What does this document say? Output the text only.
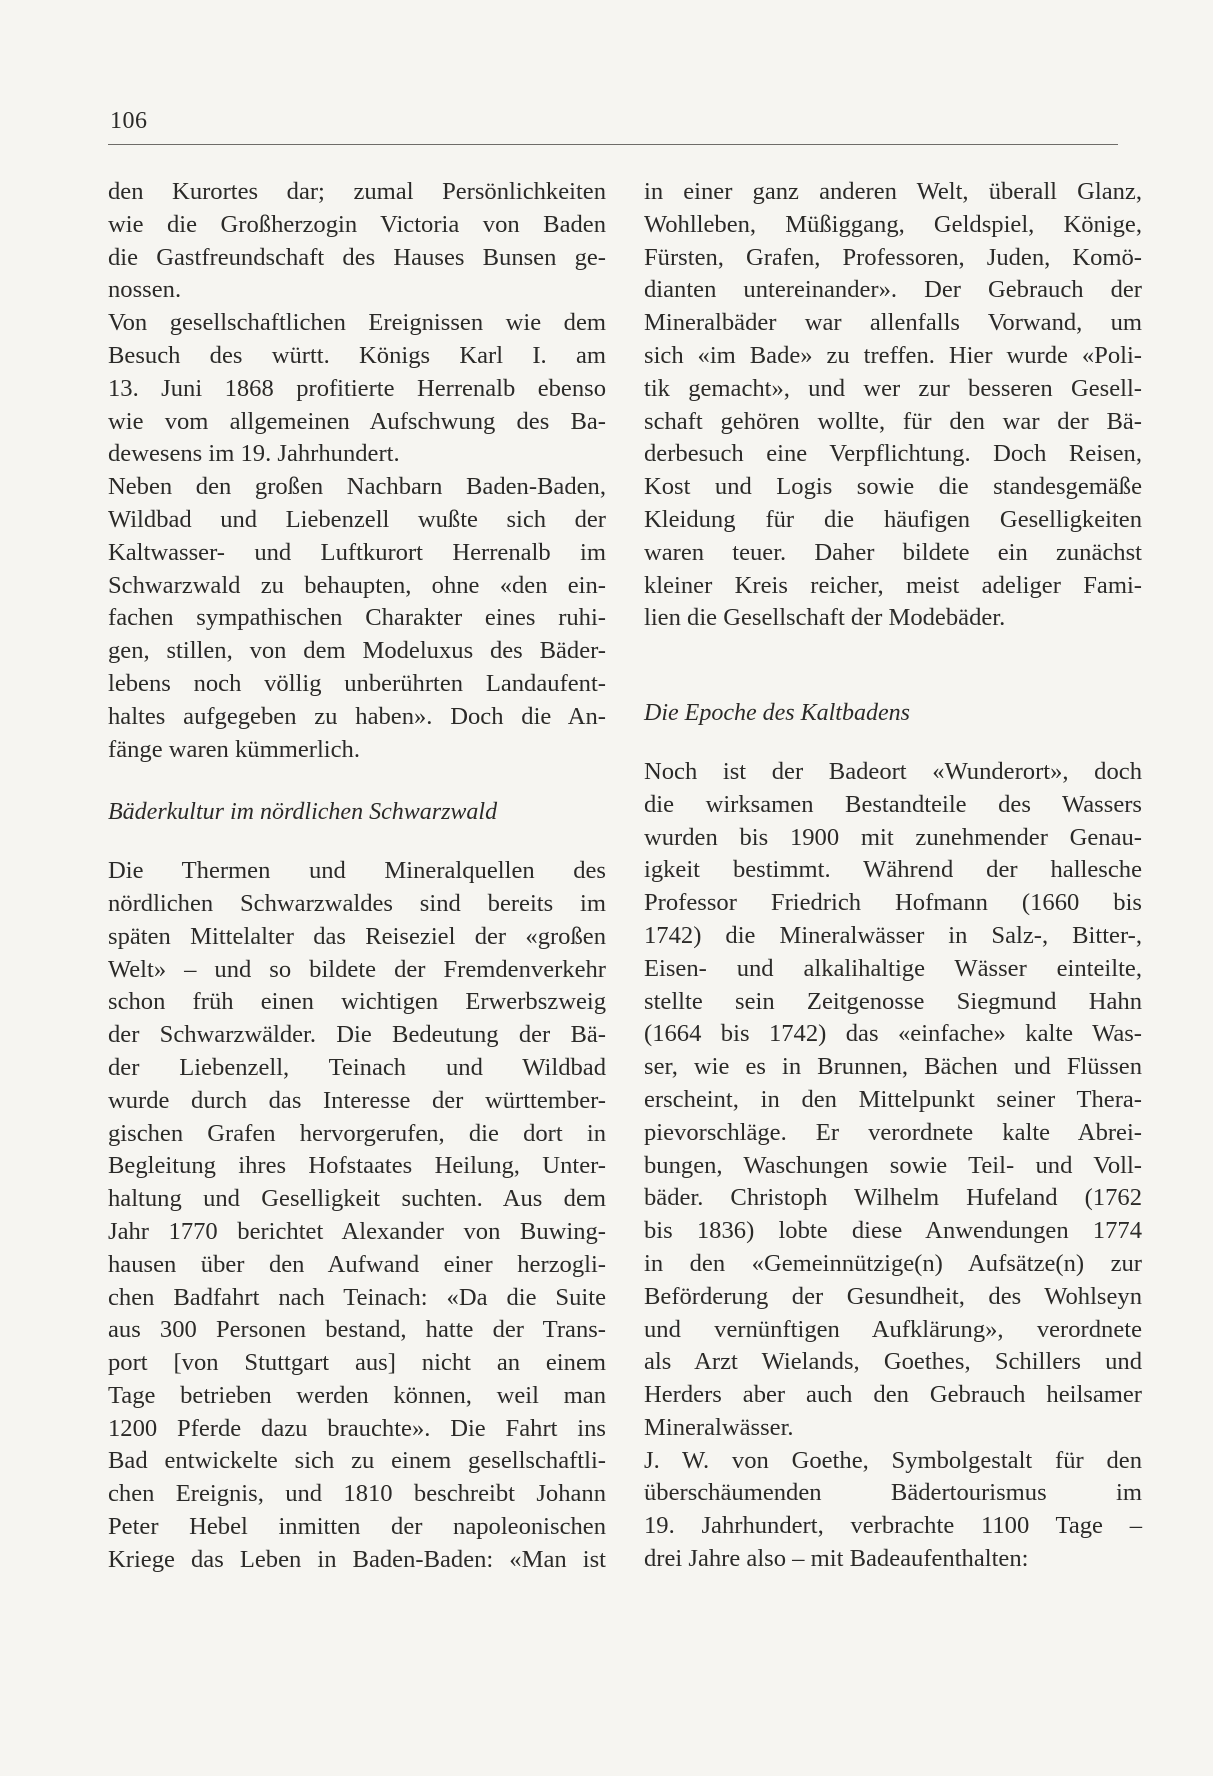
106
den Kurortes dar; zumal Persönlichkeiten
wie die Großherzogin Victoria von Baden
die Gastfreundschaft des Hauses Bunsen ge-
nossen.
Von gesellschaftlichen Ereignissen wie dem
Besuch des württ. Königs Karl I. am
13. Juni 1868 profitierte Herrenalb ebenso
wie vom allgemeinen Aufschwung des Ba-
dewesens im 19. Jahrhundert.
Neben den großen Nachbarn Baden-Baden,
Wildbad und Liebenzell wußte sich der
Kaltwasser- und Luftkurort Herrenalb im
Schwarzwald zu behaupten, ohne «den ein-
fachen sympathischen Charakter eines ruhi-
gen, stillen, von dem Modeluxus des Bäder-
lebens noch völlig unberührten Landaufent-
haltes aufgegeben zu haben». Doch die An-
fänge waren kümmerlich.
Bäderkultur im nördlichen Schwarzwald
Die Thermen und Mineralquellen des
nördlichen Schwarzwaldes sind bereits im
späten Mittelalter das Reiseziel der «großen
Welt» – und so bildete der Fremdenverkehr
schon früh einen wichtigen Erwerbszweig
der Schwarzwälder. Die Bedeutung der Bä-
der Liebenzell, Teinach und Wildbad
wurde durch das Interesse der württember-
gischen Grafen hervorgerufen, die dort in
Begleitung ihres Hofstaates Heilung, Unter-
haltung und Geselligkeit suchten. Aus dem
Jahr 1770 berichtet Alexander von Buwing-
hausen über den Aufwand einer herzogli-
chen Badfahrt nach Teinach: «Da die Suite
aus 300 Personen bestand, hatte der Trans-
port [von Stuttgart aus] nicht an einem
Tage betrieben werden können, weil man
1200 Pferde dazu brauchte». Die Fahrt ins
Bad entwickelte sich zu einem gesellschaftli-
chen Ereignis, und 1810 beschreibt Johann
Peter Hebel inmitten der napoleonischen
Kriege das Leben in Baden-Baden: «Man ist
in einer ganz anderen Welt, überall Glanz,
Wohlleben, Müßiggang, Geldspiel, Könige,
Fürsten, Grafen, Professoren, Juden, Komö-
dianten untereinander». Der Gebrauch der
Mineralbäder war allenfalls Vorwand, um
sich «im Bade» zu treffen. Hier wurde «Poli-
tik gemacht», und wer zur besseren Gesell-
schaft gehören wollte, für den war der Bä-
derbesuch eine Verpflichtung. Doch Reisen,
Kost und Logis sowie die standesgemäße
Kleidung für die häufigen Geselligkeiten
waren teuer. Daher bildete ein zunächst
kleiner Kreis reicher, meist adeliger Fami-
lien die Gesellschaft der Modebäder.
Die Epoche des Kaltbadens
Noch ist der Badeort «Wunderort», doch
die wirksamen Bestandteile des Wassers
wurden bis 1900 mit zunehmender Genau-
igkeit bestimmt. Während der hallesche
Professor Friedrich Hofmann (1660 bis
1742) die Mineralwässer in Salz-, Bitter-,
Eisen- und alkalihaltige Wässer einteilte,
stellte sein Zeitgenosse Siegmund Hahn
(1664 bis 1742) das «einfache» kalte Was-
ser, wie es in Brunnen, Bächen und Flüssen
erscheint, in den Mittelpunkt seiner Thera-
pievorschläge. Er verordnete kalte Abrei-
bungen, Waschungen sowie Teil- und Voll-
bäder. Christoph Wilhelm Hufeland (1762
bis 1836) lobte diese Anwendungen 1774
in den «Gemeinnützige(n) Aufsätze(n) zur
Beförderung der Gesundheit, des Wohlseyn
und vernünftigen Aufklärung», verordnete
als Arzt Wielands, Goethes, Schillers und
Herders aber auch den Gebrauch heilsamer
Mineralwässer.
J. W. von Goethe, Symbolgestalt für den
überschäumenden Bädertourismus im
19. Jahrhundert, verbrachte 1100 Tage –
drei Jahre also – mit Badeaufenthalten:
